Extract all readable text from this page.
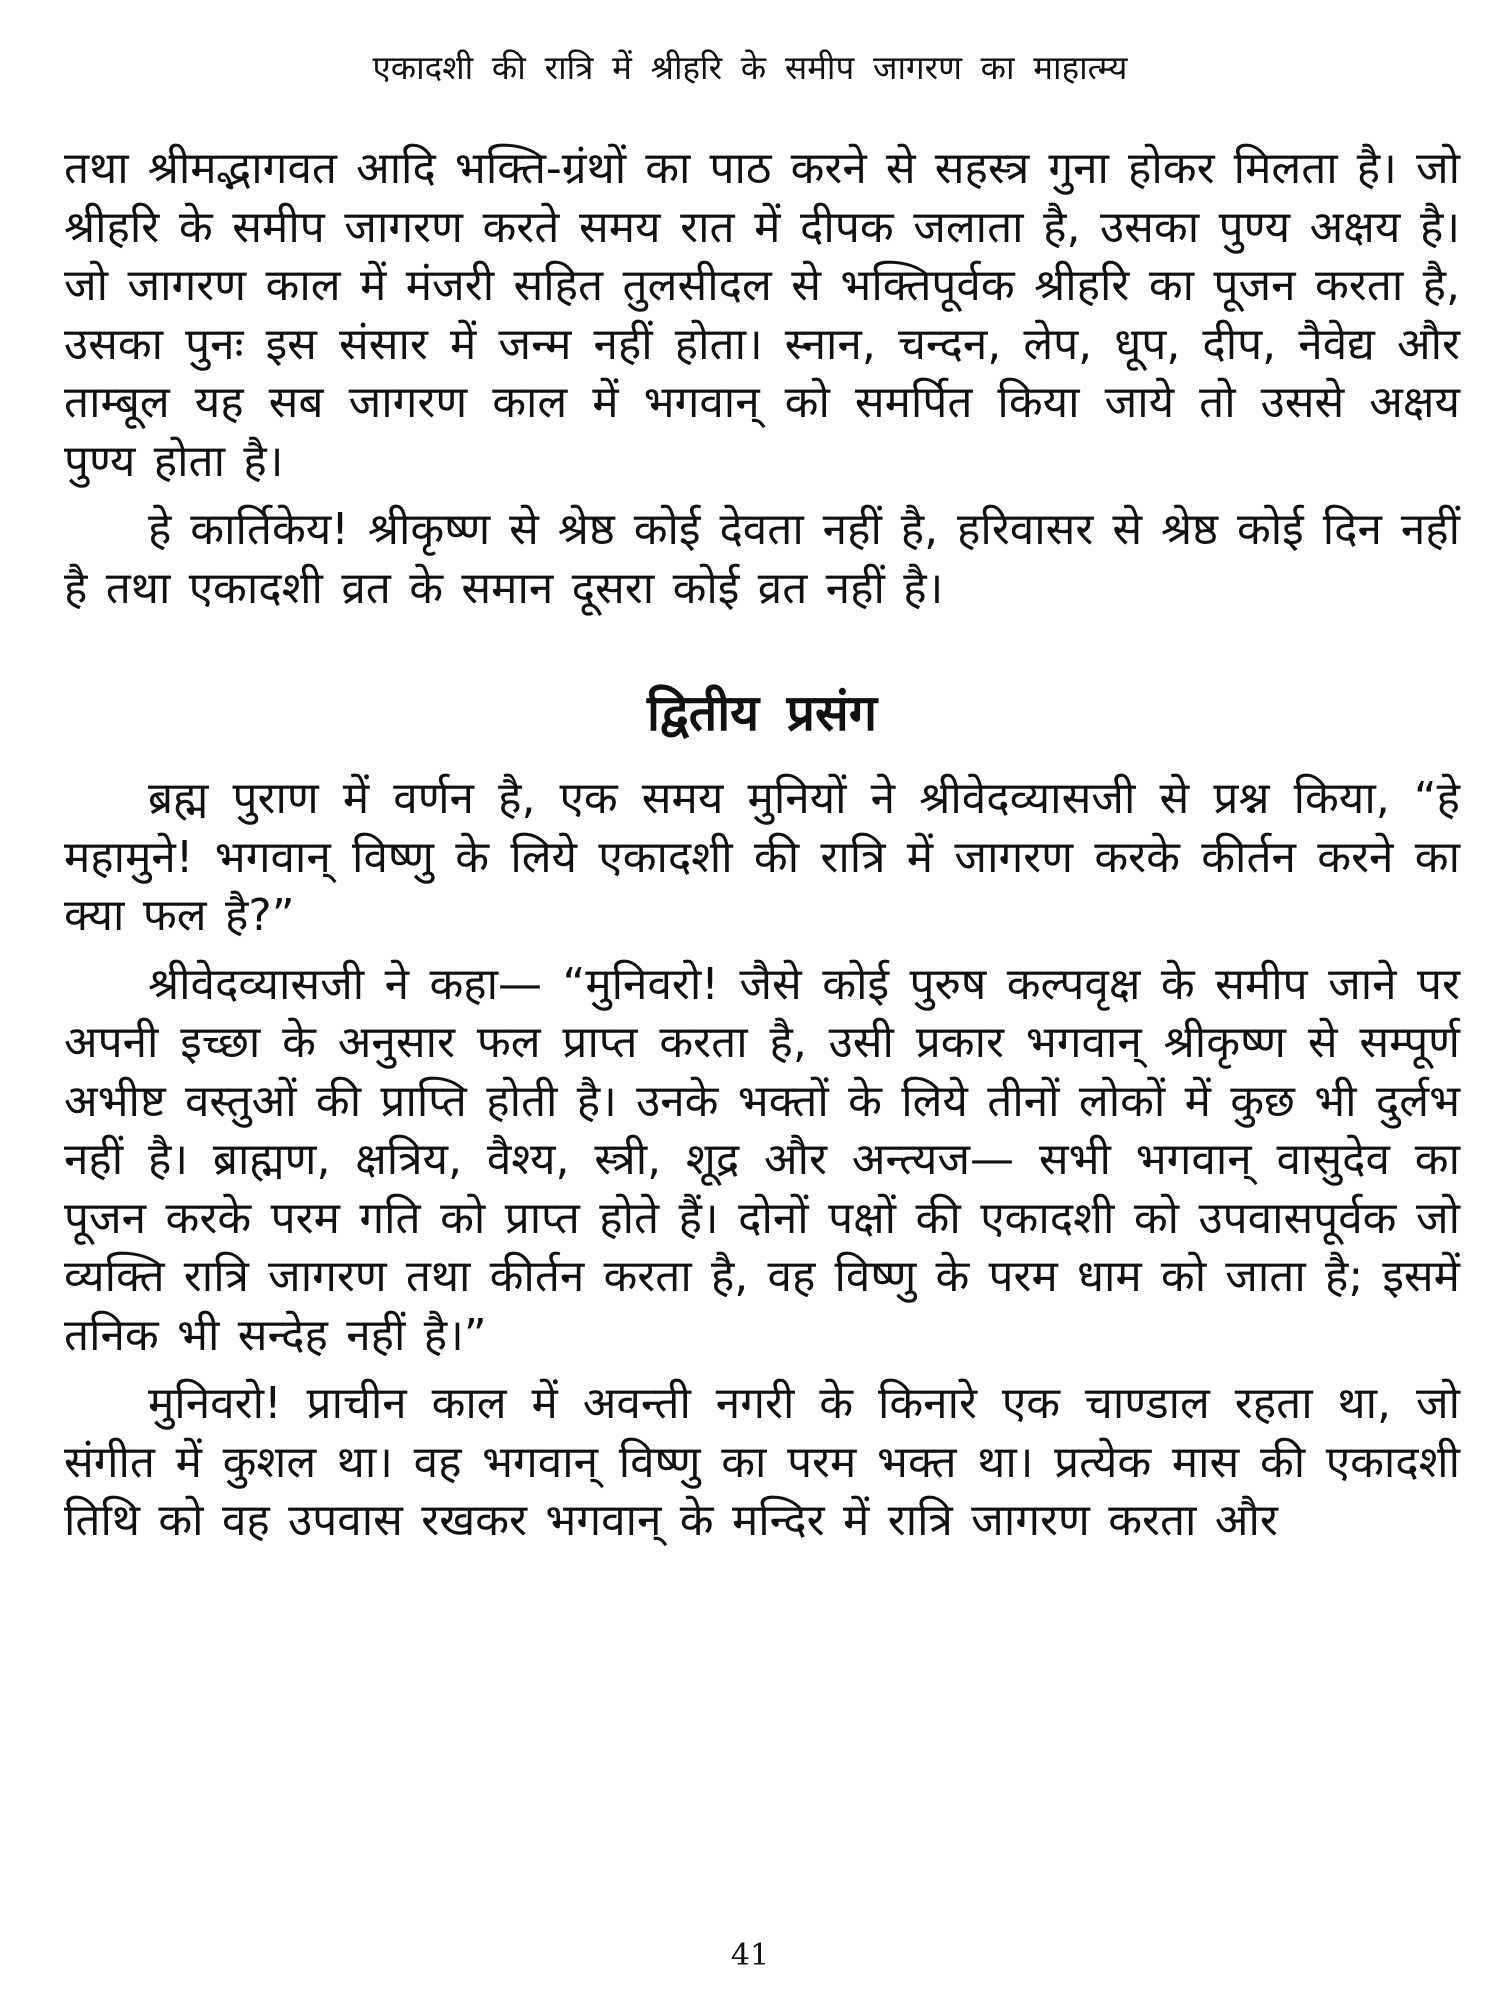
एकादशी की रात्रि में श्रीहरि के समीप जागरण का माहात्म्य

तथा श्रीमद्भागवत आदि भक्ति-ग्रंथों का पाठ करने से सहस्त्र गुना होकर मिलता है। जो श्रीहरि के समीप जागरण करते समय रात में दीपक जलाता है, उसका पुण्य अक्षय है। जो जागरण काल में मंजरी सहित तुलसीदल से भक्तिपूर्वक श्रीहरि का पूजन करता है, उसका पुनः इस संसार में जन्म नहीं होता। स्नान, चन्दन, लेप, धूप, दीप, नैवेद्य और ताम्बूल यह सब जागरण काल में भगवान् को समर्पित किया जाये तो उससे अक्षय पुण्य होता है।

हे कार्तिकेय! श्रीकृष्ण से श्रेष्ठ कोई देवता नहीं है, हरिवासर से श्रेष्ठ कोई दिन नहीं है तथा एकादशी व्रत के समान दूसरा कोई व्रत नहीं है।

द्वितीय प्रसंग

ब्रह्म पुराण में वर्णन है, एक समय मुनियों ने श्रीवेदव्यासजी से प्रश्न किया, “हे महामुने! भगवान् विष्णु के लिये एकादशी की रात्रि में जागरण करके कीर्तन करने का क्या फल है?”

श्रीवेदव्यासजी ने कहा— “मुनिवरो! जैसे कोई पुरुष कल्पवृक्ष के समीप जाने पर अपनी इच्छा के अनुसार फल प्राप्त करता है, उसी प्रकार भगवान् श्रीकृष्ण से सम्पूर्ण अभीष्ट वस्तुओं की प्राप्ति होती है। उनके भक्तों के लिये तीनों लोकों में कुछ भी दुर्लभ नहीं है। ब्राह्मण, क्षत्रिय, वैश्य, स्त्री, शूद्र और अन्त्यज— सभी भगवान् वासुदेव का पूजन करके परम गति को प्राप्त होते हैं। दोनों पक्षों की एकादशी को उपवासपूर्वक जो व्यक्ति रात्रि जागरण तथा कीर्तन करता है, वह विष्णु के परम धाम को जाता है; इसमें तनिक भी सन्देह नहीं है।”

मुनिवरो! प्राचीन काल में अवन्ती नगरी के किनारे एक चाण्डाल रहता था, जो संगीत में कुशल था। वह भगवान् विष्णु का परम भक्त था। प्रत्येक मास की एकादशी तिथि को वह उपवास रखकर भगवान् के मन्दिर में रात्रि जागरण करता और

41
